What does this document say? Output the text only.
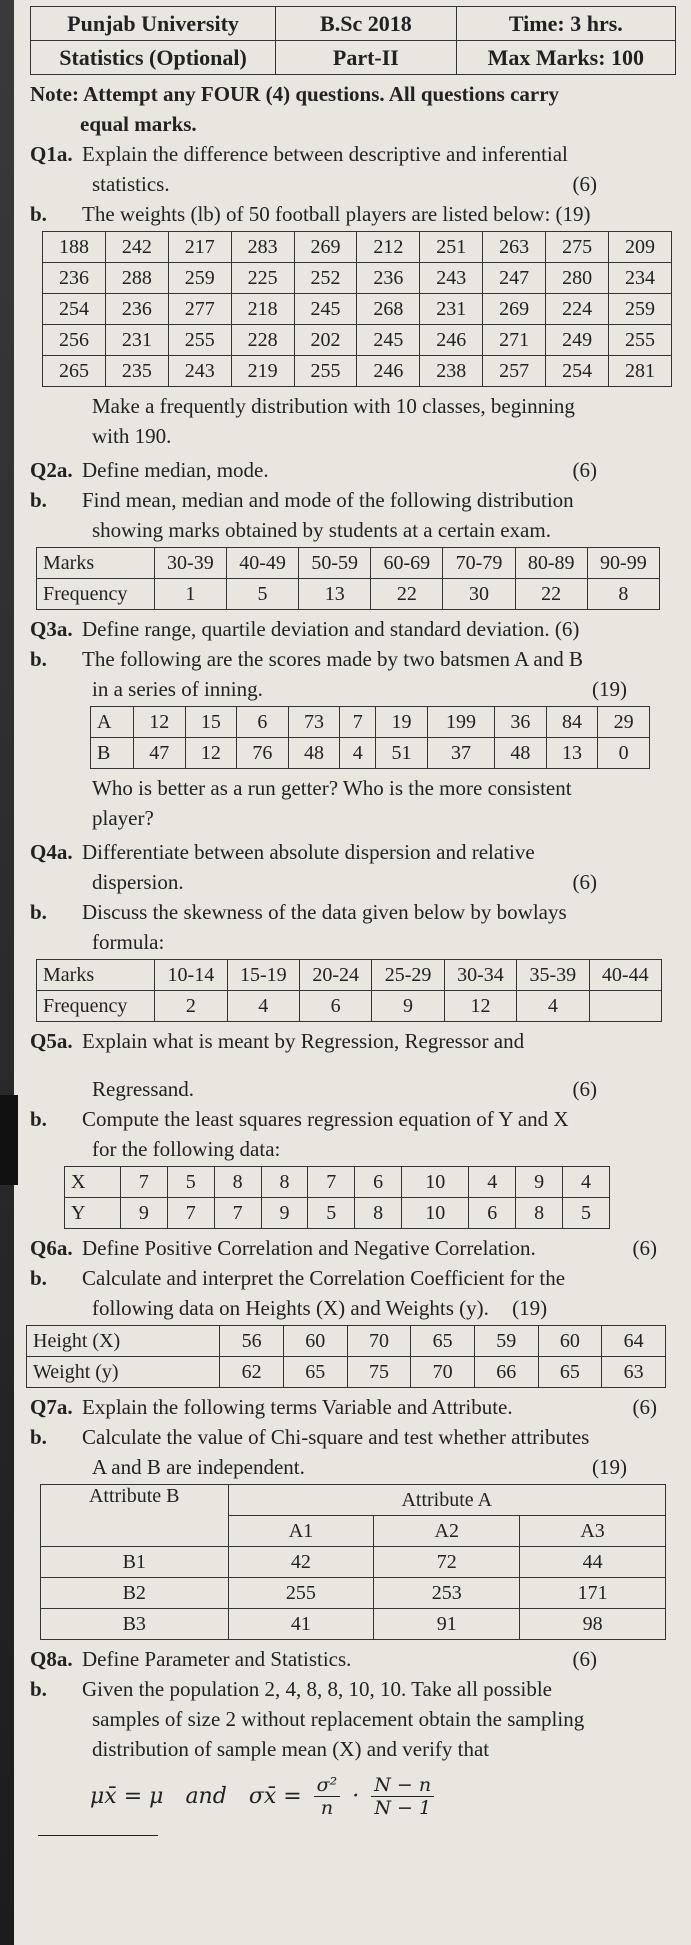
Punjab University	B.Sc 2018	Time: 3 hrs.
Statistics (Optional)	Part-II	Max Marks: 100
Note: Attempt any FOUR (4) questions. All questions carry
equal marks.
Q1a. Explain the difference between descriptive and inferential
statistics.	(6)
b. The weights (lb) of 50 football players are listed below: (19)
188	242	217	283	269	212	251	263	275	209
236	288	259	225	252	236	243	247	280	234
254	236	277	218	245	268	231	269	224	259
256	231	255	228	202	245	246	271	249	255
265	235	243	219	255	246	238	257	254	281
Make a frequently distribution with 10 classes, beginning
with 190.
Q2a. Define median, mode.	(6)
b. Find mean, median and mode of the following distribution
showing marks obtained by students at a certain exam.
Marks	30-39	40-49	50-59	60-69	70-79	80-89	90-99
Frequency	1	5	13	22	30	22	8
Q3a. Define range, quartile deviation and standard deviation. (6)
b. The following are the scores made by two batsmen A and B
in a series of inning.	(19)
A	12	15	6	73	7	19	199	36	84	29
B	47	12	76	48	4	51	37	48	13	0
Who is better as a run getter? Who is the more consistent
player?
Q4a. Differentiate between absolute dispersion and relative
dispersion.	(6)
b. Discuss the skewness of the data given below by bowlays
formula:
Marks	10-14	15-19	20-24	25-29	30-34	35-39	40-44
Frequency	2	4	6	9	12	4	
Q5a. Explain what is meant by Regression, Regressor and
Regressand.	(6)
b. Compute the least squares regression equation of Y and X
for the following data:
X	7	5	8	8	7	6	10	4	9	4
Y	9	7	7	9	5	8	10	6	8	5
Q6a. Define Positive Correlation and Negative Correlation.	(6)
b. Calculate and interpret the Correlation Coefficient for the
following data on Heights (X) and Weights (y). (19)
Height (X)	56	60	70	65	59	60	64
Weight (y)	62	65	75	70	66	65	63
Q7a. Explain the following terms Variable and Attribute.	(6)
b. Calculate the value of Chi-square and test whether attributes
A and B are independent.	(19)
Attribute B	Attribute A		
	A1	A2	A3
B1	42	72	44
B2	255	253	171
B3	41	91	98
Q8a. Define Parameter and Statistics.	(6)
b. Given the population 2, 4, 8, 8, 10, 10. Take all possible
samples of size 2 without replacement obtain the sampling
distribution of sample mean (X) and verify that
μx̄ = μ and σx̄ = $\frac{\text{σ²}}{n} \cdot \frac{N - n}{N - 1}$
